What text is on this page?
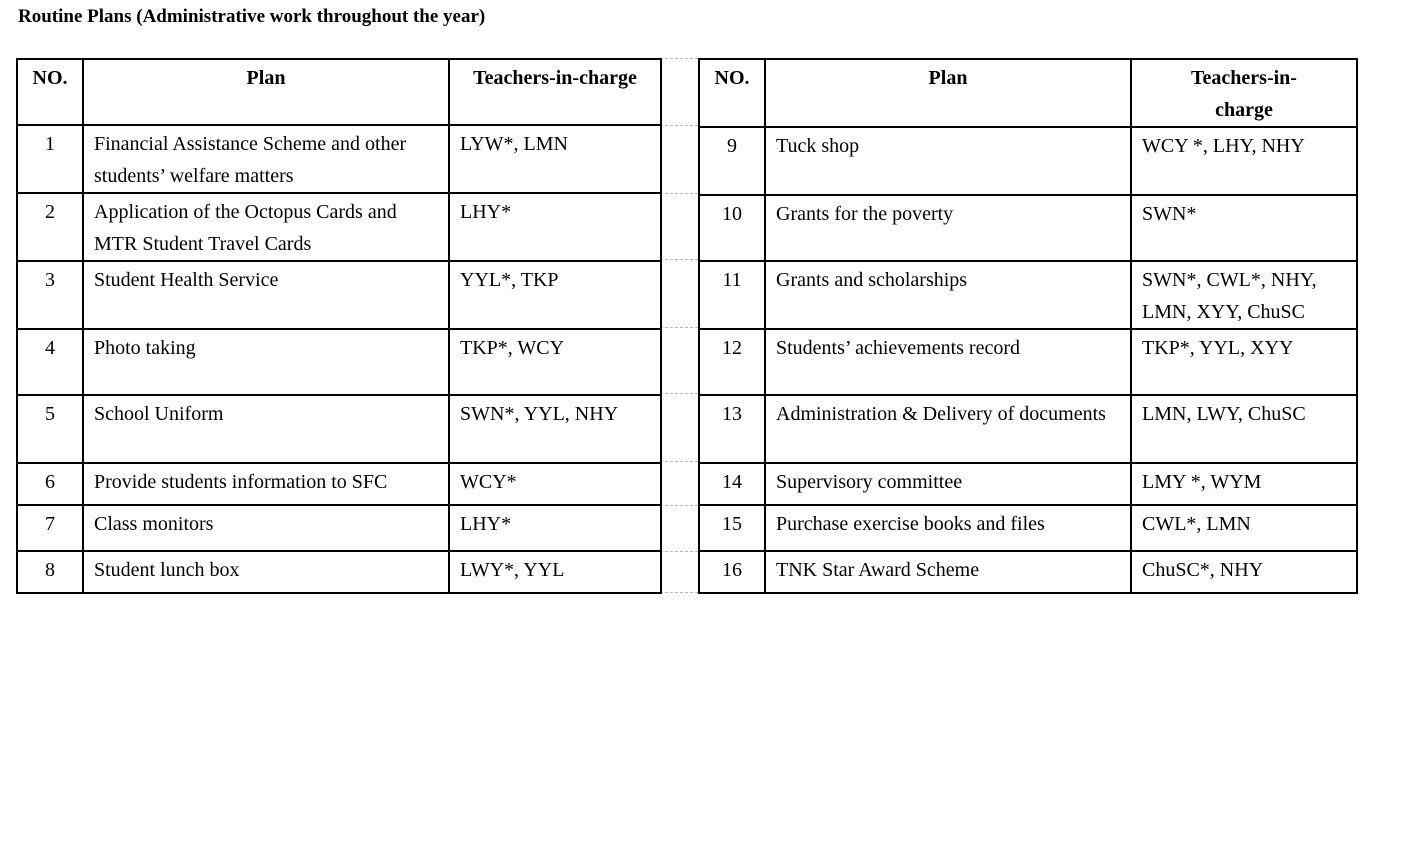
Routine Plans (Administrative work throughout the year)
NO.	Plan	Teachers-in-charge
1	Financial Assistance Scheme and other students’ welfare matters	LYW*, LMN
2	Application of the Octopus Cards and MTR Student Travel Cards	LHY*
3	Student Health Service	YYL*, TKP
4	Photo taking	TKP*, WCY
5	School Uniform	SWN*, YYL, NHY
6	Provide students information to SFC	WCY*
7	Class monitors	LHY*
8	Student lunch box	LWY*, YYL
NO.	Plan	Teachers-in-charge
9	Tuck shop	WCY *, LHY, NHY
10	Grants for the poverty	SWN*
11	Grants and scholarships	SWN*, CWL*, NHY, LMN, XYY, ChuSC
12	Students’ achievements record	TKP*, YYL, XYY
13	Administration & Delivery of documents	LMN, LWY, ChuSC
14	Supervisory committee	LMY *, WYM
15	Purchase exercise books and files	CWL*, LMN
16	TNK Star Award Scheme	ChuSC*, NHY
